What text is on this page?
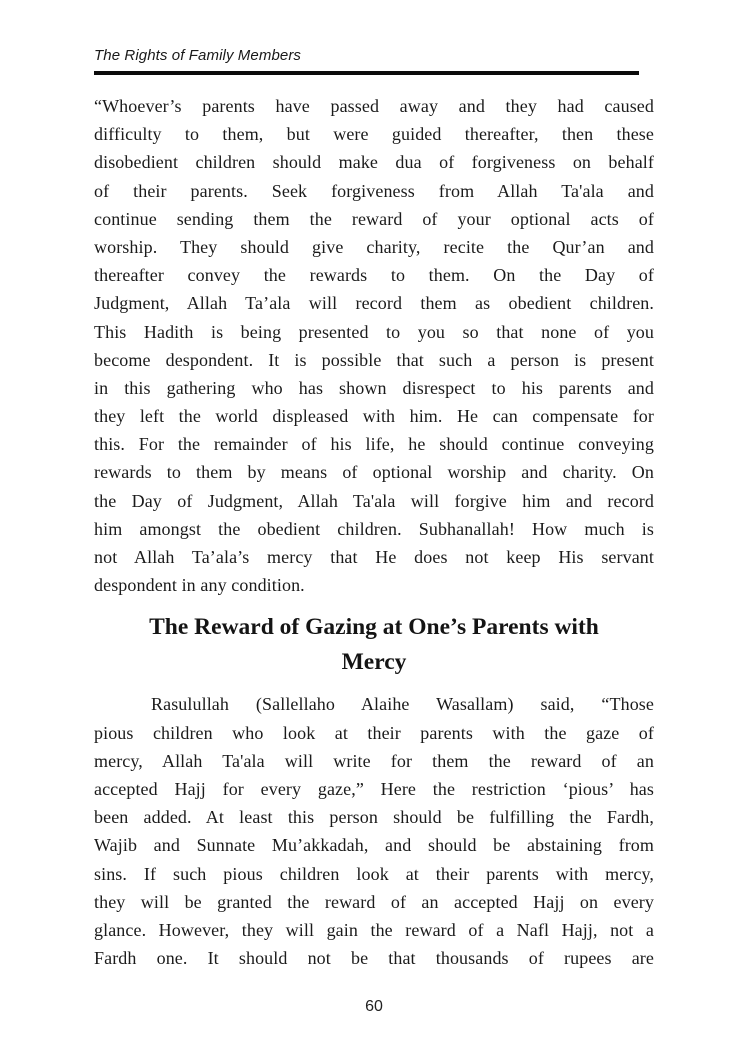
The Rights of Family Members
“Whoever’s parents have passed away and they had caused
difficulty to them, but were guided thereafter, then these
disobedient children should make dua of forgiveness on behalf
of their parents. Seek forgiveness from Allah Ta'ala and
continue sending them the reward of your optional acts of
worship. They should give charity, recite the Qur’an and
thereafter convey the rewards to them. On the Day of
Judgment, Allah Ta’ala will record them as obedient children.
This Hadith is being presented to you so that none of you
become despondent. It is possible that such a person is present
in this gathering who has shown disrespect to his parents and
they left the world displeased with him. He can compensate for
this. For the remainder of his life, he should continue conveying
rewards to them by means of optional worship and charity. On
the Day of Judgment, Allah Ta'ala will forgive him and record
him amongst the obedient children. Subhanallah! How much is
not Allah Ta’ala’s mercy that He does not keep His servant
despondent in any condition.
The Reward of Gazing at One’s Parents with
Mercy
Rasulullah (Sallellaho Alaihe Wasallam) said, “Those
pious children who look at their parents with the gaze of
mercy, Allah Ta'ala will write for them the reward of an
accepted Hajj for every gaze,” Here the restriction ‘pious’ has
been added. At least this person should be fulfilling the Fardh,
Wajib and Sunnate Mu’akkadah, and should be abstaining from
sins. If such pious children look at their parents with mercy,
they will be granted the reward of an accepted Hajj on every
glance. However, they will gain the reward of a Nafl Hajj, not a
Fardh one. It should not be that thousands of rupees are
60
